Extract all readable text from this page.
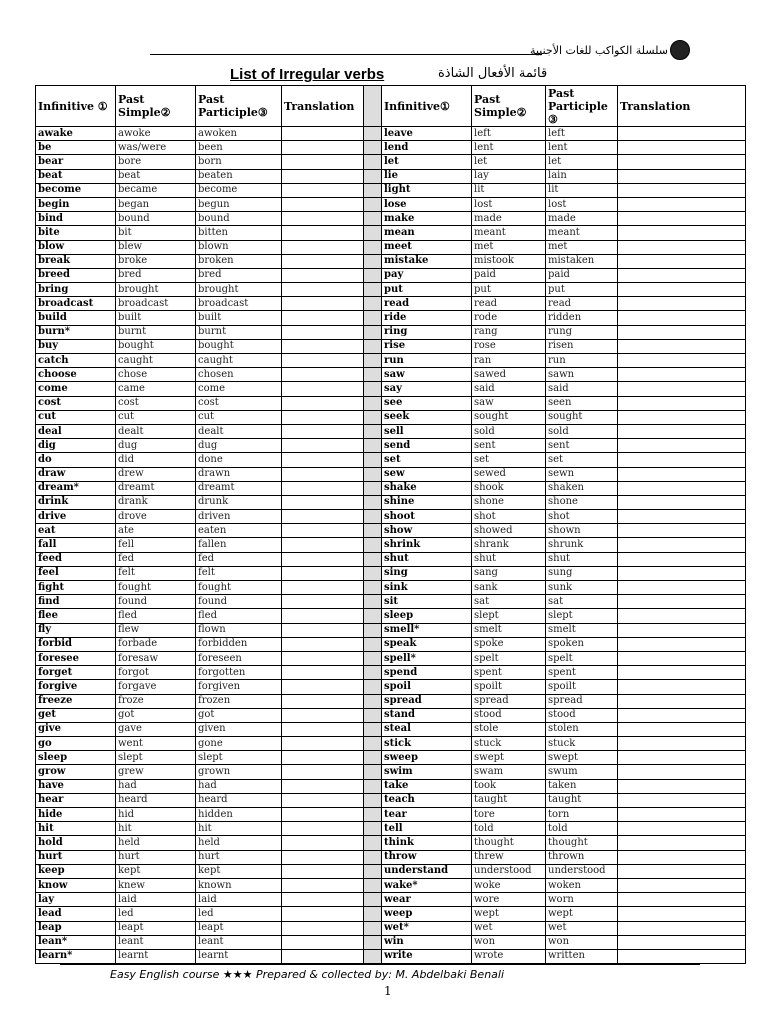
سلسلة الكواكب للغات الأجنبية
List of Irregular verbs	قائمة الأفعال الشاذة
Infinitive ①	Past Simple②	Past Participle③	Translation		Infinitive①	Past Simple②	Past Participle ③	Translation
awake	awoke	awoken			leave	left	left	
be	was/were	been			lend	lent	lent	
bear	bore	born			let	let	let	
beat	beat	beaten			lie	lay	lain	
become	became	become			light	lit	lit	
begin	began	begun			lose	lost	lost	
bind	bound	bound			make	made	made	
bite	bit	bitten			mean	meant	meant	
blow	blew	blown			meet	met	met	
break	broke	broken			mistake	mistook	mistaken	
breed	bred	bred			pay	paid	paid	
bring	brought	brought			put	put	put	
broadcast	broadcast	broadcast			read	read	read	
build	built	built			ride	rode	ridden	
burn*	burnt	burnt			ring	rang	rung	
buy	bought	bought			rise	rose	risen	
catch	caught	caught			run	ran	run	
choose	chose	chosen			saw	sawed	sawn	
come	came	come			say	said	said	
cost	cost	cost			see	saw	seen	
cut	cut	cut			seek	sought	sought	
deal	dealt	dealt			sell	sold	sold	
dig	dug	dug			send	sent	sent	
do	did	done			set	set	set	
draw	drew	drawn			sew	sewed	sewn	
dream*	dreamt	dreamt			shake	shook	shaken	
drink	drank	drunk			shine	shone	shone	
drive	drove	driven			shoot	shot	shot	
eat	ate	eaten			show	showed	shown	
fall	fell	fallen			shrink	shrank	shrunk	
feed	fed	fed			shut	shut	shut	
feel	felt	felt			sing	sang	sung	
fight	fought	fought			sink	sank	sunk	
find	found	found			sit	sat	sat	
flee	fled	fled			sleep	slept	slept	
fly	flew	flown			smell*	smelt	smelt	
forbid	forbade	forbidden			speak	spoke	spoken	
foresee	foresaw	foreseen			spell*	spelt	spelt	
forget	forgot	forgotten			spend	spent	spent	
forgive	forgave	forgiven			spoil	spoilt	spoilt	
freeze	froze	frozen			spread	spread	spread	
get	got	got			stand	stood	stood	
give	gave	given			steal	stole	stolen	
go	went	gone			stick	stuck	stuck	
sleep	slept	slept			sweep	swept	swept	
grow	grew	grown			swim	swam	swum	
have	had	had			take	took	taken	
hear	heard	heard			teach	taught	taught	
hide	hid	hidden			tear	tore	torn	
hit	hit	hit			tell	told	told	
hold	held	held			think	thought	thought	
hurt	hurt	hurt			throw	threw	thrown	
keep	kept	kept			understand	understood	understood	
know	knew	known			wake*	woke	woken	
lay	laid	laid			wear	wore	worn	
lead	led	led			weep	wept	wept	
leap	leapt	leapt			wet*	wet	wet	
lean*	leant	leant			win	won	won	
learn*	learnt	learnt			write	wrote	written	
Easy English course ★★★ Prepared & collected by: M. Abdelbaki Benali
1
